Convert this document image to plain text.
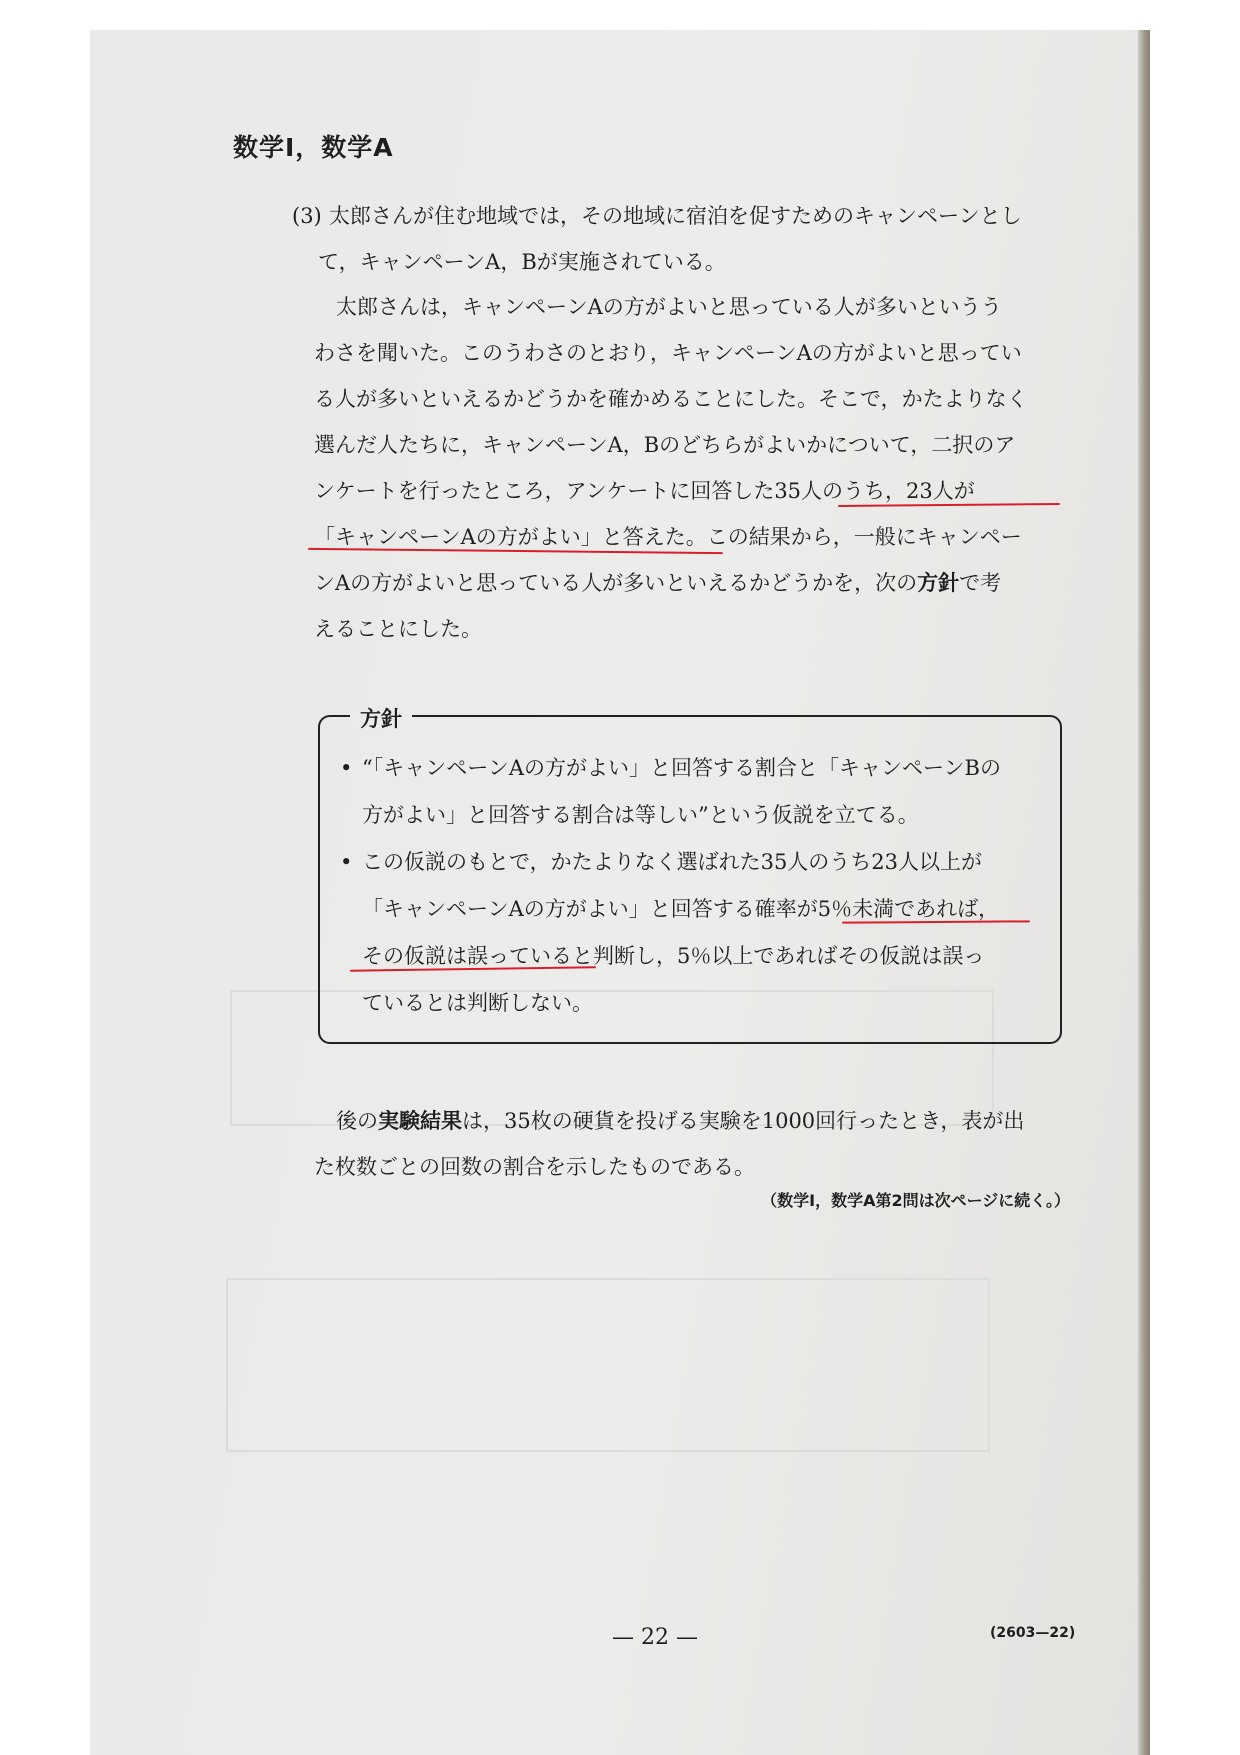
数学Ⅰ，数学A
(3) 太郎さんが住む地域では，その地域に宿泊を促すためのキャンペーンとし
て，キャンペーンA，Bが実施されている。
太郎さんは，キャンペーンAの方がよいと思っている人が多いというう
わさを聞いた。このうわさのとおり，キャンペーンAの方がよいと思ってい
る人が多いといえるかどうかを確かめることにした。そこで，かたよりなく
選んだ人たちに，キャンペーンA，Bのどちらがよいかについて，二択のア
ンケートを行ったところ，アンケートに回答した35人のうち，23人が
「キャンペーンAの方がよい」と答えた。この結果から，一般にキャンペー
ンAの方がよいと思っている人が多いといえるかどうかを，次の方針で考
えることにした。
方針
• “「キャンペーンAの方がよい」と回答する割合と「キャンペーンBの
方がよい」と回答する割合は等しい”という仮説を立てる。
• この仮説のもとで，かたよりなく選ばれた35人のうち23人以上が
「キャンペーンAの方がよい」と回答する確率が5％未満であれば，
その仮説は誤っていると判断し，5％以上であればその仮説は誤っ
ているとは判断しない。
後の実験結果は，35枚の硬貨を投げる実験を1000回行ったとき，表が出
た枚数ごとの回数の割合を示したものである。
（数学Ⅰ，数学A第2問は次ページに続く。）
— 22 —	(2603—22)
